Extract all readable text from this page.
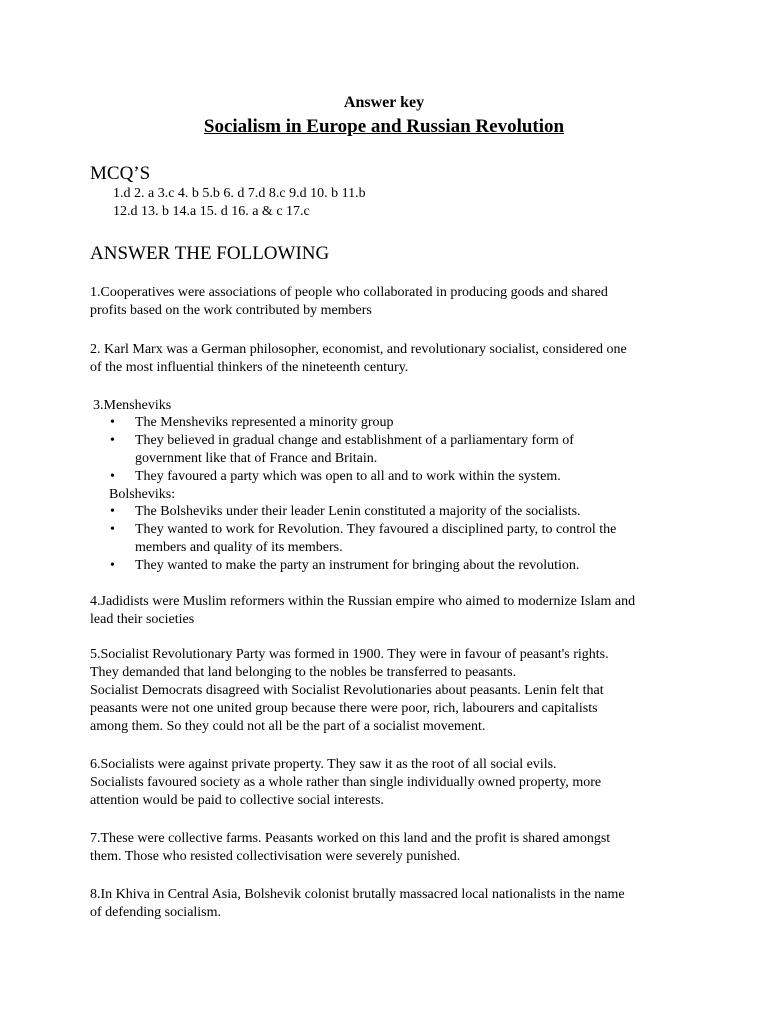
Answer key
Socialism in Europe and Russian Revolution
MCQ’S
1.d 2. a 3.c 4. b 5.b 6. d 7.d 8.c 9.d 10. b 11.b
12.d 13. b 14.a 15. d 16. a & c 17.c
ANSWER THE FOLLOWING
1.Cooperatives were associations of people who collaborated in producing goods and shared
profits based on the work contributed by members
2. Karl Marx was a German philosopher, economist, and revolutionary socialist, considered one
of the most influential thinkers of the nineteenth century.
3.Mensheviks
• The Mensheviks represented a minority group
• They believed in gradual change and establishment of a parliamentary form of
government like that of France and Britain.
• They favoured a party which was open to all and to work within the system.
Bolsheviks:
• The Bolsheviks under their leader Lenin constituted a majority of the socialists.
• They wanted to work for Revolution. They favoured a disciplined party, to control the
members and quality of its members.
• They wanted to make the party an instrument for bringing about the revolution.
4.Jadidists were Muslim reformers within the Russian empire who aimed to modernize Islam and
lead their societies
5.Socialist Revolutionary Party was formed in 1900. They were in favour of peasant's rights.
They demanded that land belonging to the nobles be transferred to peasants.
Socialist Democrats disagreed with Socialist Revolutionaries about peasants. Lenin felt that
peasants were not one united group because there were poor, rich, labourers and capitalists
among them. So they could not all be the part of a socialist movement.
6.Socialists were against private property. They saw it as the root of all social evils.
Socialists favoured society as a whole rather than single individually owned property, more
attention would be paid to collective social interests.
7.These were collective farms. Peasants worked on this land and the profit is shared amongst
them. Those who resisted collectivisation were severely punished.
8.In Khiva in Central Asia, Bolshevik colonist brutally massacred local nationalists in the name
of defending socialism.
